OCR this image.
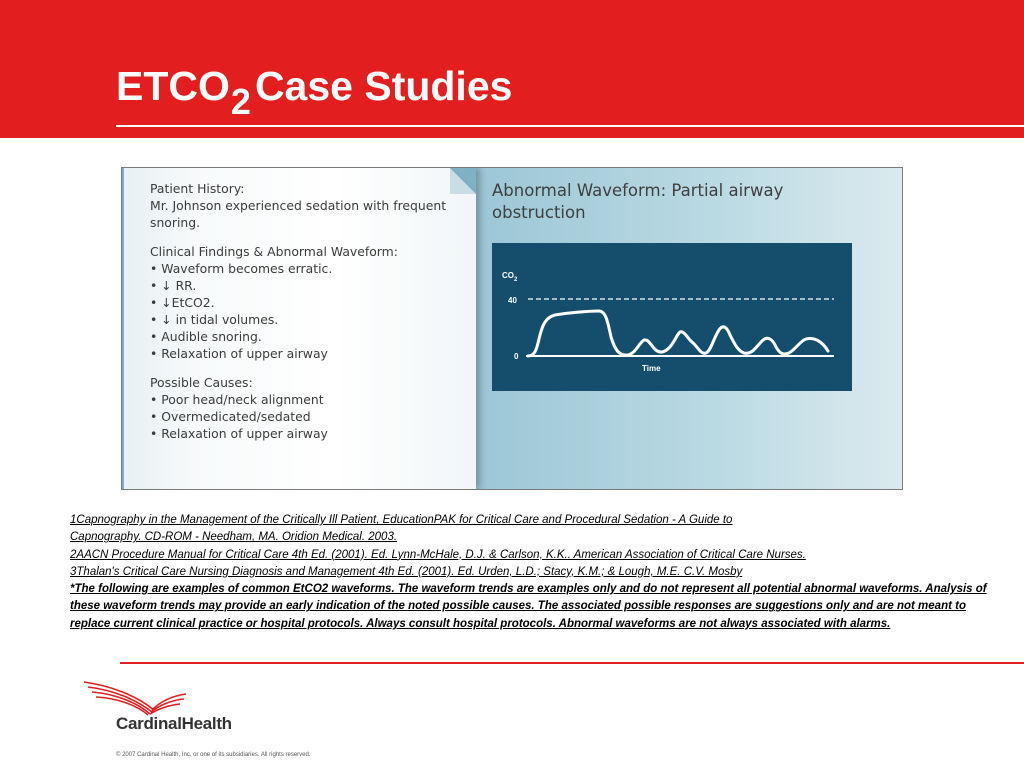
ETCO2Case Studies
Patient History:
Mr. Johnson experienced sedation with frequent
snoring.
Clinical Findings & Abnormal Waveform:
• Waveform becomes erratic.
• ↓ RR.
• ↓EtCO2.
• ↓ in tidal volumes.
• Audible snoring.
• Relaxation of upper airway
Possible Causes:
• Poor head/neck alignment
• Overmedicated/sedated
• Relaxation of upper airway
Abnormal Waveform: Partial airway
obstruction
$CO_2$
40
0
Time
1Capnography in the Management of the Critically Ill Patient, EducationPAK for Critical Care and Procedural Sedation - A Guide to
Capnography. CD-ROM - Needham, MA. Oridion Medical. 2003.
2AACN Procedure Manual for Critical Care 4th Ed. (2001). Ed. Lynn-McHale, D.J. & Carlson, K.K.. American Association of Critical Care Nurses.
3Thalan's Critical Care Nursing Diagnosis and Management 4th Ed. (2001). Ed. Urden, L.D.; Stacy, K.M.; & Lough, M.E. C.V. Mosby
*The following are examples of common EtCO2 waveforms. The waveform trends are examples only and do not represent all potential abnormal waveforms. Analysis of these waveform trends may provide an early indication of the noted possible causes. The associated possible responses are suggestions only and are not meant to replace current clinical practice or hospital protocols. Always consult hospital protocols. Abnormal waveforms are not always associated with alarms.
CardinalHealth
© 2007 Cardinal Health, Inc. or one of its subsidiaries. All rights reserved.
